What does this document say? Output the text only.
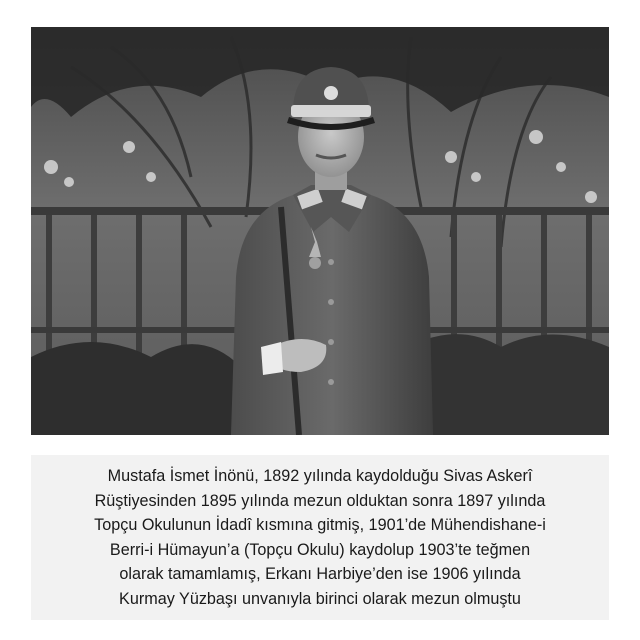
Mustafa İsmet İnönü, 1892 yılında kaydolduğu Sivas Askerî
Rüştiyesinden 1895 yılında mezun olduktan sonra 1897 yılında
Topçu Okulunun İdadî kısmına gitmiş, 1901’de Mühendishane-i
Berri-i Hümayun’a (Topçu Okulu) kaydolup 1903’te teğmen
olarak tamamlamış, Erkanı Harbiye’den ise 1906 yılında
Kurmay Yüzbaşı unvanıyla birinci olarak mezun olmuştu
